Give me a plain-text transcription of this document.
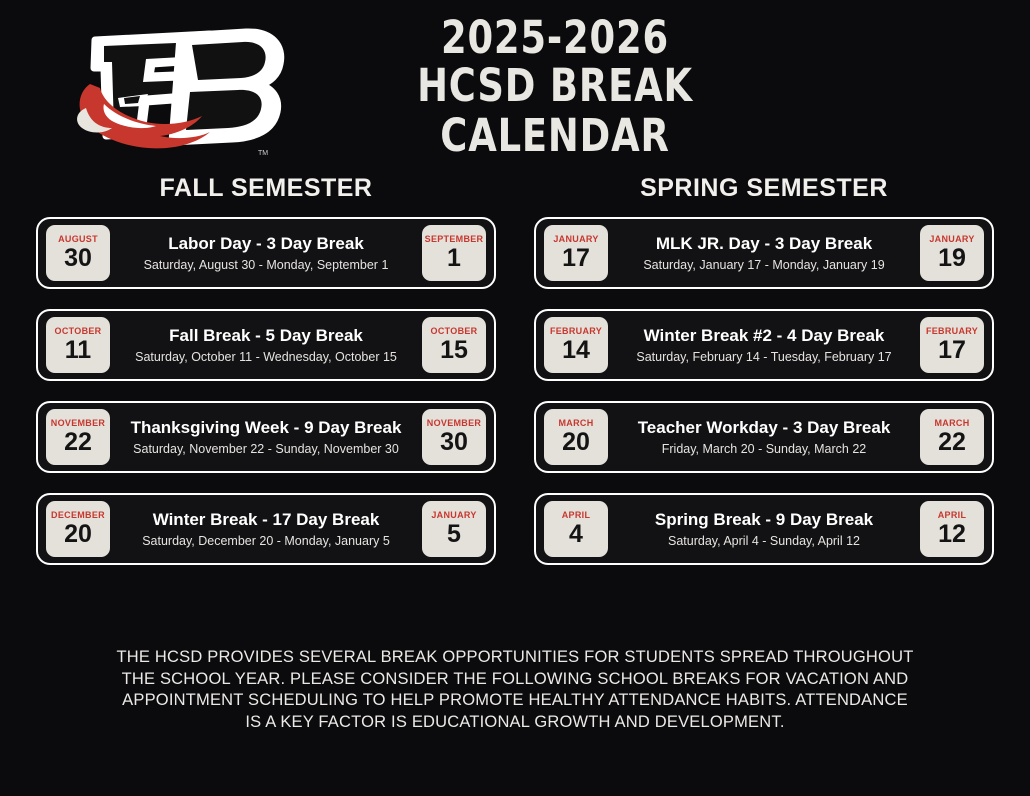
TM
2025-2026
HCSD BREAK CALENDAR
FALL SEMESTER
AUGUST
30
Labor Day - 3 Day Break
Saturday, August 30 - Monday, September 1
SEPTEMBER
1
OCTOBER
11
Fall Break - 5 Day Break
Saturday, October 11 - Wednesday, October 15
OCTOBER
15
NOVEMBER
22
Thanksgiving Week - 9 Day Break
Saturday, November 22 - Sunday, November 30
NOVEMBER
30
DECEMBER
20
Winter Break - 17 Day Break
Saturday, December 20 - Monday, January 5
JANUARY
5
SPRING SEMESTER
JANUARY
17
MLK JR. Day - 3 Day Break
Saturday, January 17 - Monday, January 19
JANUARY
19
FEBRUARY
14
Winter Break #2 - 4 Day Break
Saturday, February 14 - Tuesday, February 17
FEBRUARY
17
MARCH
20
Teacher Workday - 3 Day Break
Friday, March 20 - Sunday, March 22
MARCH
22
APRIL
4
Spring Break - 9 Day Break
Saturday, April 4 - Sunday, April 12
APRIL
12

THE HCSD PROVIDES SEVERAL BREAK OPPORTUNITIES FOR STUDENTS SPREAD THROUGHOUT

THE SCHOOL YEAR. PLEASE CONSIDER THE FOLLOWING SCHOOL BREAKS FOR VACATION AND

APPOINTMENT SCHEDULING TO HELP PROMOTE HEALTHY ATTENDANCE HABITS. ATTENDANCE

IS A KEY FACTOR IS EDUCATIONAL GROWTH AND DEVELOPMENT.
